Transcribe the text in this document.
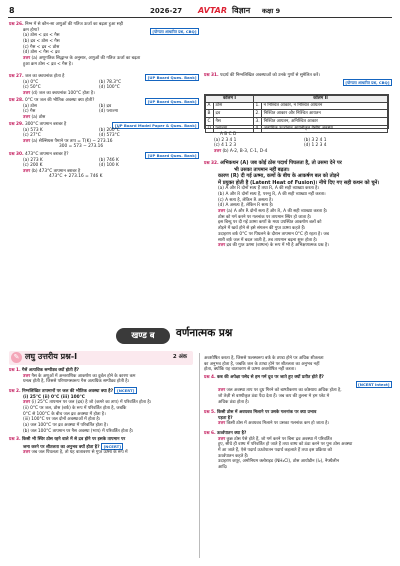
8	2026-27 AVTAR विज्ञान कक्षा 9
प्रश्न 26. निम्न में से कौन-सा अणुओं की गतिज ऊर्जा का बढ़ता हुआ सही
क्रम होगा?	[योग्यता आधारित प्रश्न, CBQ]
(a) ठोस < द्रव < गैस
(b) द्रव < ठोस < गैस
(c) गैस < द्रव < ठोस
(d) ठोस < गैस < द्रव
उत्तर (a) अणुगतिक सिद्धान्त के अनुसार, अणुओं की गतिज ऊर्जा का बढ़ता
हुआ क्रम ठोस < द्रव < गैस है।
प्रश्न 27. जल का क्वथनांक होता है	[UP Board Ques. Bank]
(a) 0°C	(b) 78.3°C
(c) 50°C	(d) 100°C
उत्तर (d) जल का क्वथनांक 100°C होता है।
प्रश्न 28. 0°C पर जल की भौतिक अवस्था क्या होती?	[UP Board Ques. Bank]
(a) ठोस	(b) द्रव
(c) गैस	(d) प्लाज्मा
उत्तर (a) ठोस
प्रश्न 29. 300°C तापमान बराबर है	[UP Board Model Paper & Ques. Bank]
(a) 573 K	(b) 200°C
(c) 27°C	(d) 573°C
उत्तर (a) सेल्सियस पैमाने पर ताप = T(K) − 273.16
300 = 573 − 273.16
प्रश्न 30. 473°C तापमान बराबर है?	[UP Board Ques. Bank]
(a) 273 K	(b) 746 K
(c) 200 K	(d) 100 K
उत्तर (b) 473°C तापमान बराबर है
473°C + 273.16 = 746 K
प्रश्न 31. पदार्थ की निम्नलिखित अवस्थाओं को उनके गुणों से सुमेलित करें।
[योग्यता आधारित प्रश्न, CBQ]
कॉलम I		कॉलम II	
A	ठोस	1.	न निश्चित आकार, न निश्चित आयतन
B	द्रव	2.	निश्चित आकार और निश्चित आयतन
C	गैस	3.	निश्चित आयतन, अनिश्चित आकार
D	प्लाज्मा	4.	अत्यधिक ऊर्जावान आयनीकृत गैसीय अवस्था
A B C D
(a) 2 3 4 1	(b) 3 2 4 1
(c) 4 1 2 3	(d) 1 2 3 4
उत्तर (b) A-2, B-3, C-1, D-4
प्रश्न 32. अभिकथन (A) जब कोई ठोस पदार्थ पिघलता है, तो उसमा देने पर
भी उसका तापमान नहीं बढ़ता।
कारण (R) दी गई ऊष्मा, कणों के बीच के आकर्षण बल को तोड़ने
में प्रयुक्त होती है (Latent Heat of Fusion)। नीचे दिए गए सही कथन को चुनें।
(a) A और R दोनों सत्य हैं तथा R, A की सही व्याख्या करता है।
(b) A और R दोनों सत्य हैं, परन्तु R, A की सही व्याख्या नहीं करता।
(c) A सत्य है, लेकिन R असत्य है।
(d) A असत्य है, लेकिन R सत्य है।
उत्तर (a) A और R दोनों सत्य हैं और R, A की सही व्याख्या करता है।
ठोस को गर्म करने पर गलनांक पर तापमान स्थिर हो जाता है।
इस बिन्दु पर दी गई ऊष्मा कणों के मध्य उपस्थित आकर्षण बलों को
तोड़ने में खर्च होने से इसे संगलन की गुप्त ऊष्मा कहते हैं।
उदाहरण बर्फ 0°C पर पिघलने के दौरान तापमान 0°C ही रहता है। जब
सारी बर्फ़ जल में बदल जाती है, तब तापमान बढ़ना शुरू होता है।
उत्तर द्रव की गुप्त ऊष्मा (वाष्पन) के रूप में भी है अभिक्षणात्मक प्रश्न है।
खण्ड ब	वर्णनात्मक प्रश्न
✎ लघु उत्तरीय प्रश्न-I	2 अंक
प्रश्न 1. गैसें अत्यधिक सम्पीड्य क्यों होती हैं?
उत्तर गैस के अणुओं में अन्तराणिक आकर्षण का दुर्बल होने के कारण कम
घनत्व होती है, जिससे परिणामस्वरूप गैस अत्यधिक सम्पीड्य होती है।
प्रश्न 2. निम्नलिखित तापमानों पर जल की भौतिक अवस्था क्या है? [NCERT]
(i) 25°C (ii) 0°C (iii) 100°C
उत्तर (i) 25°C तापमान पर जल (द्रव) है जो (कमरे का ताप) में परिवर्तित होता है।
(ii) 0°C पर जल, ठोस (बर्फ) के रूप में परिवर्तित होता है, जबकि
0°C से 100°C के बीच जल द्रव अवस्था में होता है।
(iii) 100°C पर जल दोनों अवस्थाओं में होता है।
(a) जल 100°C पर द्रव अवस्था में परिवर्तित होता है।
(b) जल 100°C तापमान पर गैस अवस्था (भाप) में परिवर्तित होता है।
प्रश्न 3. किसी भी स्थिर ठोस रहने वाले में से द्रव होने पर इसके तापमान पर
जमा करने पर शीतलता का अनुभव क्यों होता है? [NCERT]
उत्तर जब जल पिघलता है, तो यह वातावरण से गुप्त ऊष्मा के रूप में
अवशोषित करता है, जिससे फलस्वरूप बर्फ के ठण्डा होने पर अधिक शीतलता
का अनुभव होता है, जबकि जल के ठण्डा होने पर शीतलता का अनुभव नहीं
होता, क्योंकि यह वातावरण से ऊष्मा अवशोषित नहीं करता।
प्रश्न 4. कब की अपेक्षा पसेद से हम गर्म दूध पर जाते हुए क्यों प्रतीत होते हैं?
[NCERT Intext]
उत्तर जल अवस्था ताप पर दूध गिरने को बाष्पीकरण का कोश्याय अधिक होता है,
जो तेज़ी से वाष्पीकृत ठंडा पैदा देता हैं। जब कप की तुलना मे हम प्लेट मे
अधिक ठंडा होता है।
प्रश्न 5. किसी ठोस में अवयवव मिलाने पर उसके गलनांक पर क्या प्रभाव
पड़ता है?
उत्तर किसी ठोस में अवयवव मिलाने पर उसका गलनांक कम हो जाता है।
प्रश्न 6. ऊर्ध्वपातन क्या है?
उत्तर कुछ ठोस पेसे होते हैं, जो गर्म करने पर बिना द्रव अवस्था में परिवर्तित
हुए, सीधे ही वाष्प में परिवर्तित हो जाते हैं तथा वाष्प को ठंडा करने पर पुनः ठोस अवस्था
में आ जाते हैं, ऐसे पदार्थ ऊर्ध्वपातन पदार्थ कहलाते हैं तथा इस प्रक्रिया को
ऊर्ध्वपातन कहते हैं।
उदाहरण कपूर, अमोनियम क्लोराइड (NH₄Cl), ठोस आयोडीन (I₂), नैफ्थैलीन
आदि।
